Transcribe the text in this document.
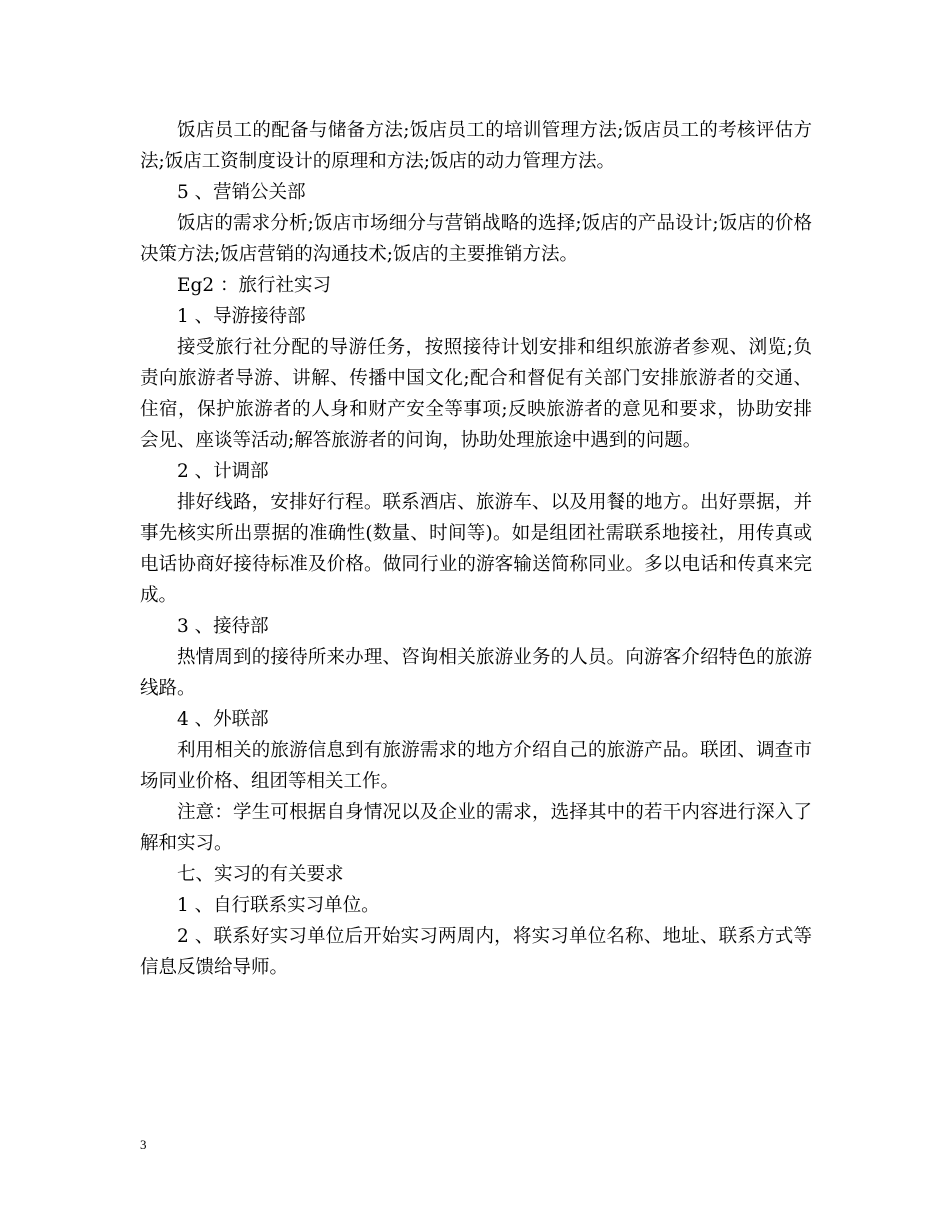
饭店员工的配备与储备方法;饭店员工的培训管理方法;饭店员工的考核评估方法;饭店工资制度设计的原理和方法;饭店的动力管理方法。

5 、营销公关部

饭店的需求分析;饭店市场细分与营销战略的选择;饭店的产品设计;饭店的价格决策方法;饭店营销的沟通技术;饭店的主要推销方法。

Eg2 ：旅行社实习

1 、导游接待部

接受旅行社分配的导游任务，按照接待计划安排和组织旅游者参观、浏览;负责向旅游者导游、讲解、传播中国文化;配合和督促有关部门安排旅游者的交通、住宿，保护旅游者的人身和财产安全等事项;反映旅游者的意见和要求，协助安排会见、座谈等活动;解答旅游者的问询，协助处理旅途中遇到的问题。

2 、计调部

排好线路，安排好行程。联系酒店、旅游车、以及用餐的地方。出好票据，并事先核实所出票据的准确性(数量、时间等)。如是组团社需联系地接社，用传真或电话协商好接待标准及价格。做同行业的游客输送简称同业。多以电话和传真来完成。

3 、接待部

热情周到的接待所来办理、咨询相关旅游业务的人员。向游客介绍特色的旅游线路。

4 、外联部

利用相关的旅游信息到有旅游需求的地方介绍自己的旅游产品。联团、调查市场同业价格、组团等相关工作。

注意：学生可根据自身情况以及企业的需求，选择其中的若干内容进行深入了解和实习。

七、实习的有关要求

1 、自行联系实习单位。

2 、联系好实习单位后开始实习两周内，将实习单位名称、地址、联系方式等信息反馈给导师。

3
